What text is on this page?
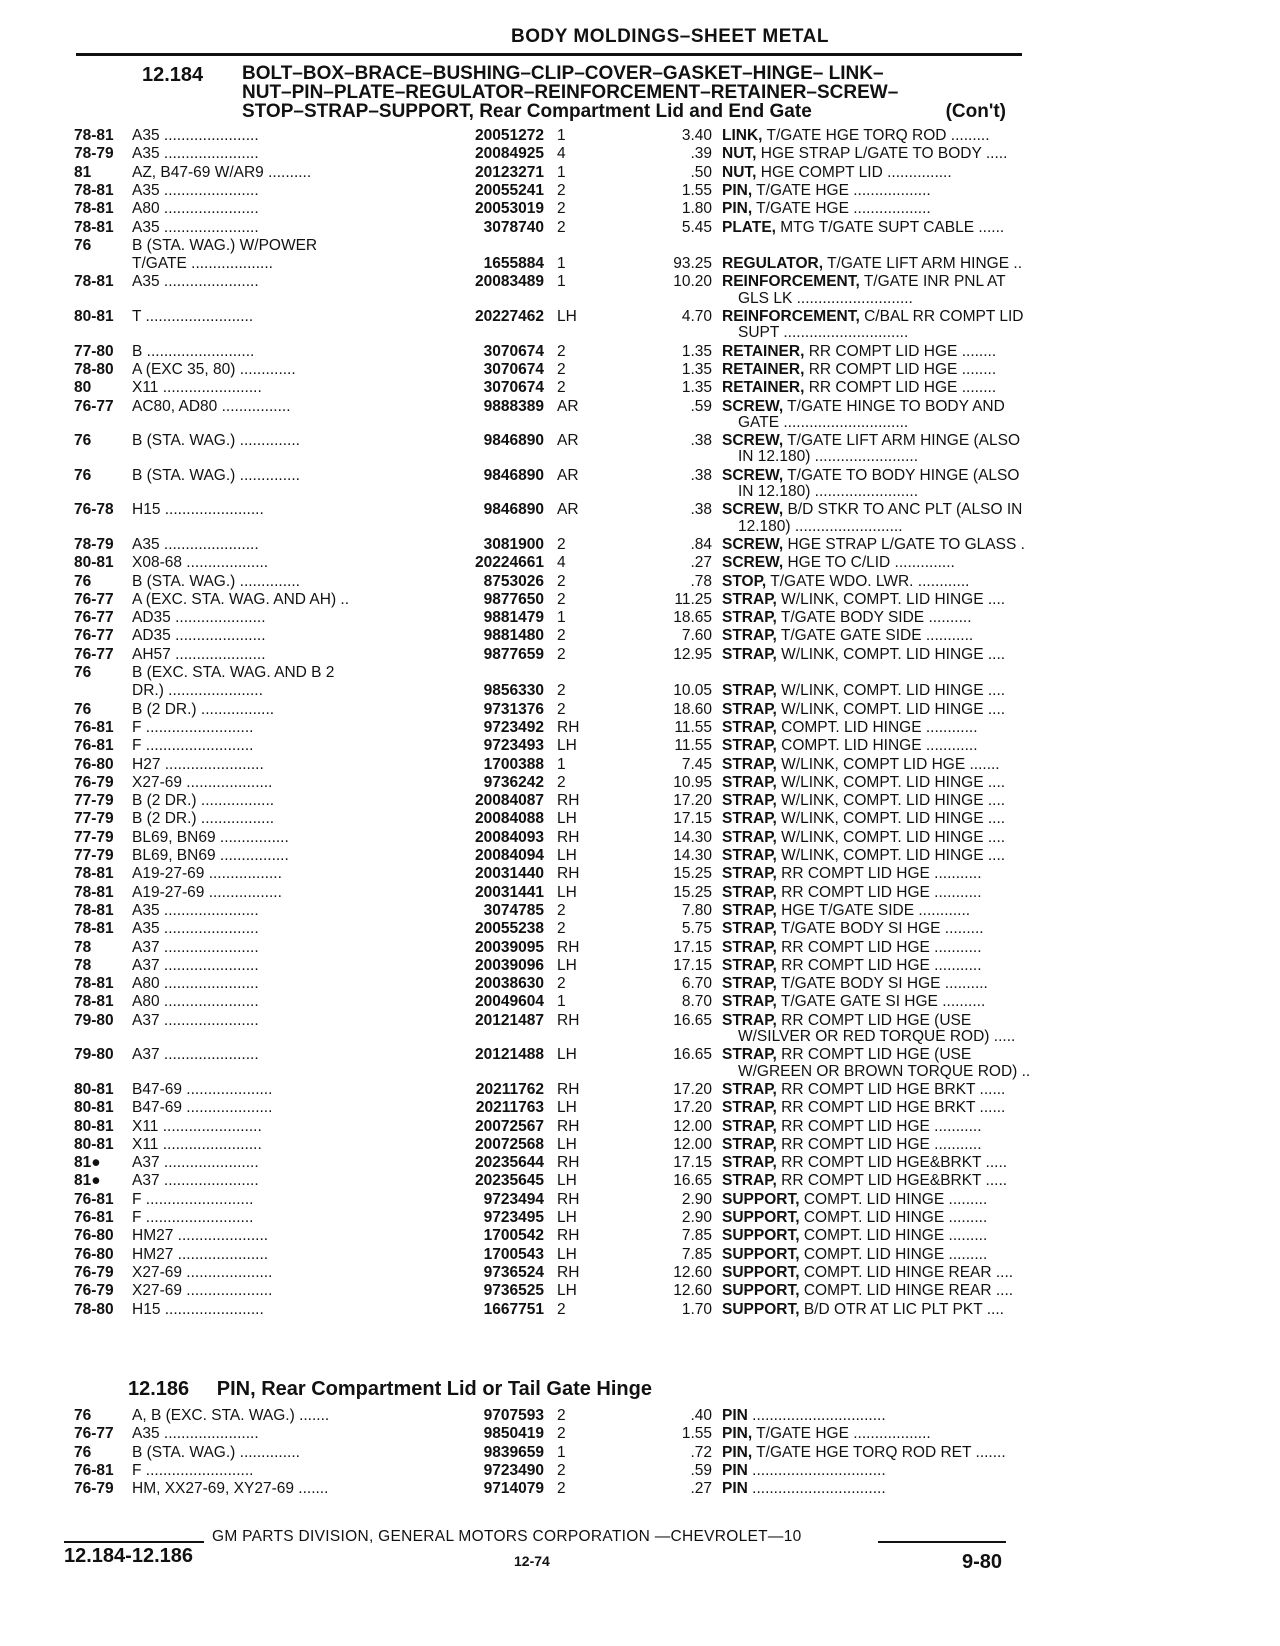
BODY MOLDINGS–SHEET METAL
12.184 BOLT–BOX–BRACE–BUSHING–CLIP–COVER–GASKET–HINGE– LINK–
NUT–PIN–PLATE–REGULATOR–REINFORCEMENT–RETAINER–SCREW–
STOP–STRAP–SUPPORT, Rear Compartment Lid and End Gate	(Con't)
78-81 A35 ......................	20051272 1	3.40 LINK, T/GATE HGE TORQ ROD .........
78-79 A35 ......................	20084925 4	.39 NUT, HGE STRAP L/GATE TO BODY .....
81	AZ, B47-69 W/AR9 ..........	20123271 1	.50 NUT, HGE COMPT LID ...............
78-81 A35 ......................	20055241 2	1.55 PIN, T/GATE HGE ..................
78-81 A80 ......................	20053019 2	1.80 PIN, T/GATE HGE ..................
78-81 A35 ......................	3078740 2	5.45 PLATE, MTG T/GATE SUPT CABLE ......
76	B (STA. WAG.) W/POWER
T/GATE ...................	1655884 1	93.25 REGULATOR, T/GATE LIFT ARM HINGE ..
78-81 A35 ......................	20083489 1	10.20 REINFORCEMENT, T/GATE INR PNL AT
GLS LK ...........................
80-81 T .........................	20227462 LH	4.70 REINFORCEMENT, C/BAL RR COMPT LID
SUPT .............................
77-80 B .........................	3070674 2	1.35 RETAINER, RR COMPT LID HGE ........
78-80 A (EXC 35, 80) .............	3070674 2	1.35 RETAINER, RR COMPT LID HGE ........
80	X11 .......................	3070674 2	1.35 RETAINER, RR COMPT LID HGE ........
76-77 AC80, AD80 ................	9888389 AR	.59 SCREW, T/GATE HINGE TO BODY AND
GATE .............................
76	B (STA. WAG.) ..............	9846890 AR	.38 SCREW, T/GATE LIFT ARM HINGE (ALSO
IN 12.180) ........................
76	B (STA. WAG.) ..............	9846890 AR	.38 SCREW, T/GATE TO BODY HINGE (ALSO
IN 12.180) ........................
76-78 H15 .......................	9846890 AR	.38 SCREW, B/D STKR TO ANC PLT (ALSO IN
12.180) .........................
78-79 A35 ......................	3081900 2	.84 SCREW, HGE STRAP L/GATE TO GLASS .
80-81 X08-68 ...................	20224661 4	.27 SCREW, HGE TO C/LID ..............
76	B (STA. WAG.) ..............	8753026 2	.78 STOP, T/GATE WDO. LWR. ............
76-77 A (EXC. STA. WAG. AND AH) ..	9877650 2	11.25 STRAP, W/LINK, COMPT. LID HINGE ....
76-77 AD35 .....................	9881479 1	18.65 STRAP, T/GATE BODY SIDE ..........
76-77 AD35 .....................	9881480 2	7.60 STRAP, T/GATE GATE SIDE ...........
76-77 AH57 .....................	9877659 2	12.95 STRAP, W/LINK, COMPT. LID HINGE ....
76	B (EXC. STA. WAG. AND B 2
DR.) ......................	9856330 2	10.05 STRAP, W/LINK, COMPT. LID HINGE ....
76	B (2 DR.) .................	9731376 2	18.60 STRAP, W/LINK, COMPT. LID HINGE ....
76-81 F .........................	9723492 RH	11.55 STRAP, COMPT. LID HINGE ............
76-81 F .........................	9723493 LH	11.55 STRAP, COMPT. LID HINGE ............
76-80 H27 .......................	1700388 1	7.45 STRAP, W/LINK, COMPT LID HGE .......
76-79 X27-69 ....................	9736242 2	10.95 STRAP, W/LINK, COMPT. LID HINGE ....
77-79 B (2 DR.) .................	20084087 RH	17.20 STRAP, W/LINK, COMPT. LID HINGE ....
77-79 B (2 DR.) .................	20084088 LH	17.15 STRAP, W/LINK, COMPT. LID HINGE ....
77-79 BL69, BN69 ................	20084093 RH	14.30 STRAP, W/LINK, COMPT. LID HINGE ....
77-79 BL69, BN69 ................	20084094 LH	14.30 STRAP, W/LINK, COMPT. LID HINGE ....
78-81 A19-27-69 .................	20031440 RH	15.25 STRAP, RR COMPT LID HGE ...........
78-81 A19-27-69 .................	20031441 LH	15.25 STRAP, RR COMPT LID HGE ...........
78-81 A35 ......................	3074785 2	7.80 STRAP, HGE T/GATE SIDE ............
78-81 A35 ......................	20055238 2	5.75 STRAP, T/GATE BODY SI HGE .........
78	A37 ......................	20039095 RH	17.15 STRAP, RR COMPT LID HGE ...........
78	A37 ......................	20039096 LH	17.15 STRAP, RR COMPT LID HGE ...........
78-81 A80 ......................	20038630 2	6.70 STRAP, T/GATE BODY SI HGE ..........
78-81 A80 ......................	20049604 1	8.70 STRAP, T/GATE GATE SI HGE ..........
79-80 A37 ......................	20121487 RH	16.65 STRAP, RR COMPT LID HGE (USE
W/SILVER OR RED TORQUE ROD) .....
79-80 A37 ......................	20121488 LH	16.65 STRAP, RR COMPT LID HGE (USE
W/GREEN OR BROWN TORQUE ROD) ..
80-81 B47-69 ....................	20211762 RH	17.20 STRAP, RR COMPT LID HGE BRKT ......
80-81 B47-69 ....................	20211763 LH	17.20 STRAP, RR COMPT LID HGE BRKT ......
80-81 X11 .......................	20072567 RH	12.00 STRAP, RR COMPT LID HGE ...........
80-81 X11 .......................	20072568 LH	12.00 STRAP, RR COMPT LID HGE ...........
81● A37 ......................	20235644 RH	17.15 STRAP, RR COMPT LID HGE&BRKT .....
81● A37 ......................	20235645 LH	16.65 STRAP, RR COMPT LID HGE&BRKT .....
76-81 F .........................	9723494 RH	2.90 SUPPORT, COMPT. LID HINGE .........
76-81 F .........................	9723495 LH	2.90 SUPPORT, COMPT. LID HINGE .........
76-80 HM27 .....................	1700542 RH	7.85 SUPPORT, COMPT. LID HINGE .........
76-80 HM27 .....................	1700543 LH	7.85 SUPPORT, COMPT. LID HINGE .........
76-79 X27-69 ....................	9736524 RH	12.60 SUPPORT, COMPT. LID HINGE REAR ....
76-79 X27-69 ....................	9736525 LH	12.60 SUPPORT, COMPT. LID HINGE REAR ....
78-80 H15 .......................	1667751 2	1.70 SUPPORT, B/D OTR AT LIC PLT PKT ....
12.186 PIN, Rear Compartment Lid or Tail Gate Hinge
76	A, B (EXC. STA. WAG.) .......	9707593 2	.40 PIN ...............................
76-77 A35 ......................	9850419 2	1.55 PIN, T/GATE HGE ..................
76	B (STA. WAG.) ..............	9839659 1	.72 PIN, T/GATE HGE TORQ ROD RET .......
76-81 F .........................	9723490 2	.59 PIN ...............................
76-79 HM, XX27-69, XY27-69 .......	9714079 2	.27 PIN ...............................
GM PARTS DIVISION, GENERAL MOTORS CORPORATION —CHEVROLET—10
12.184-12.186	12-74	9-80
